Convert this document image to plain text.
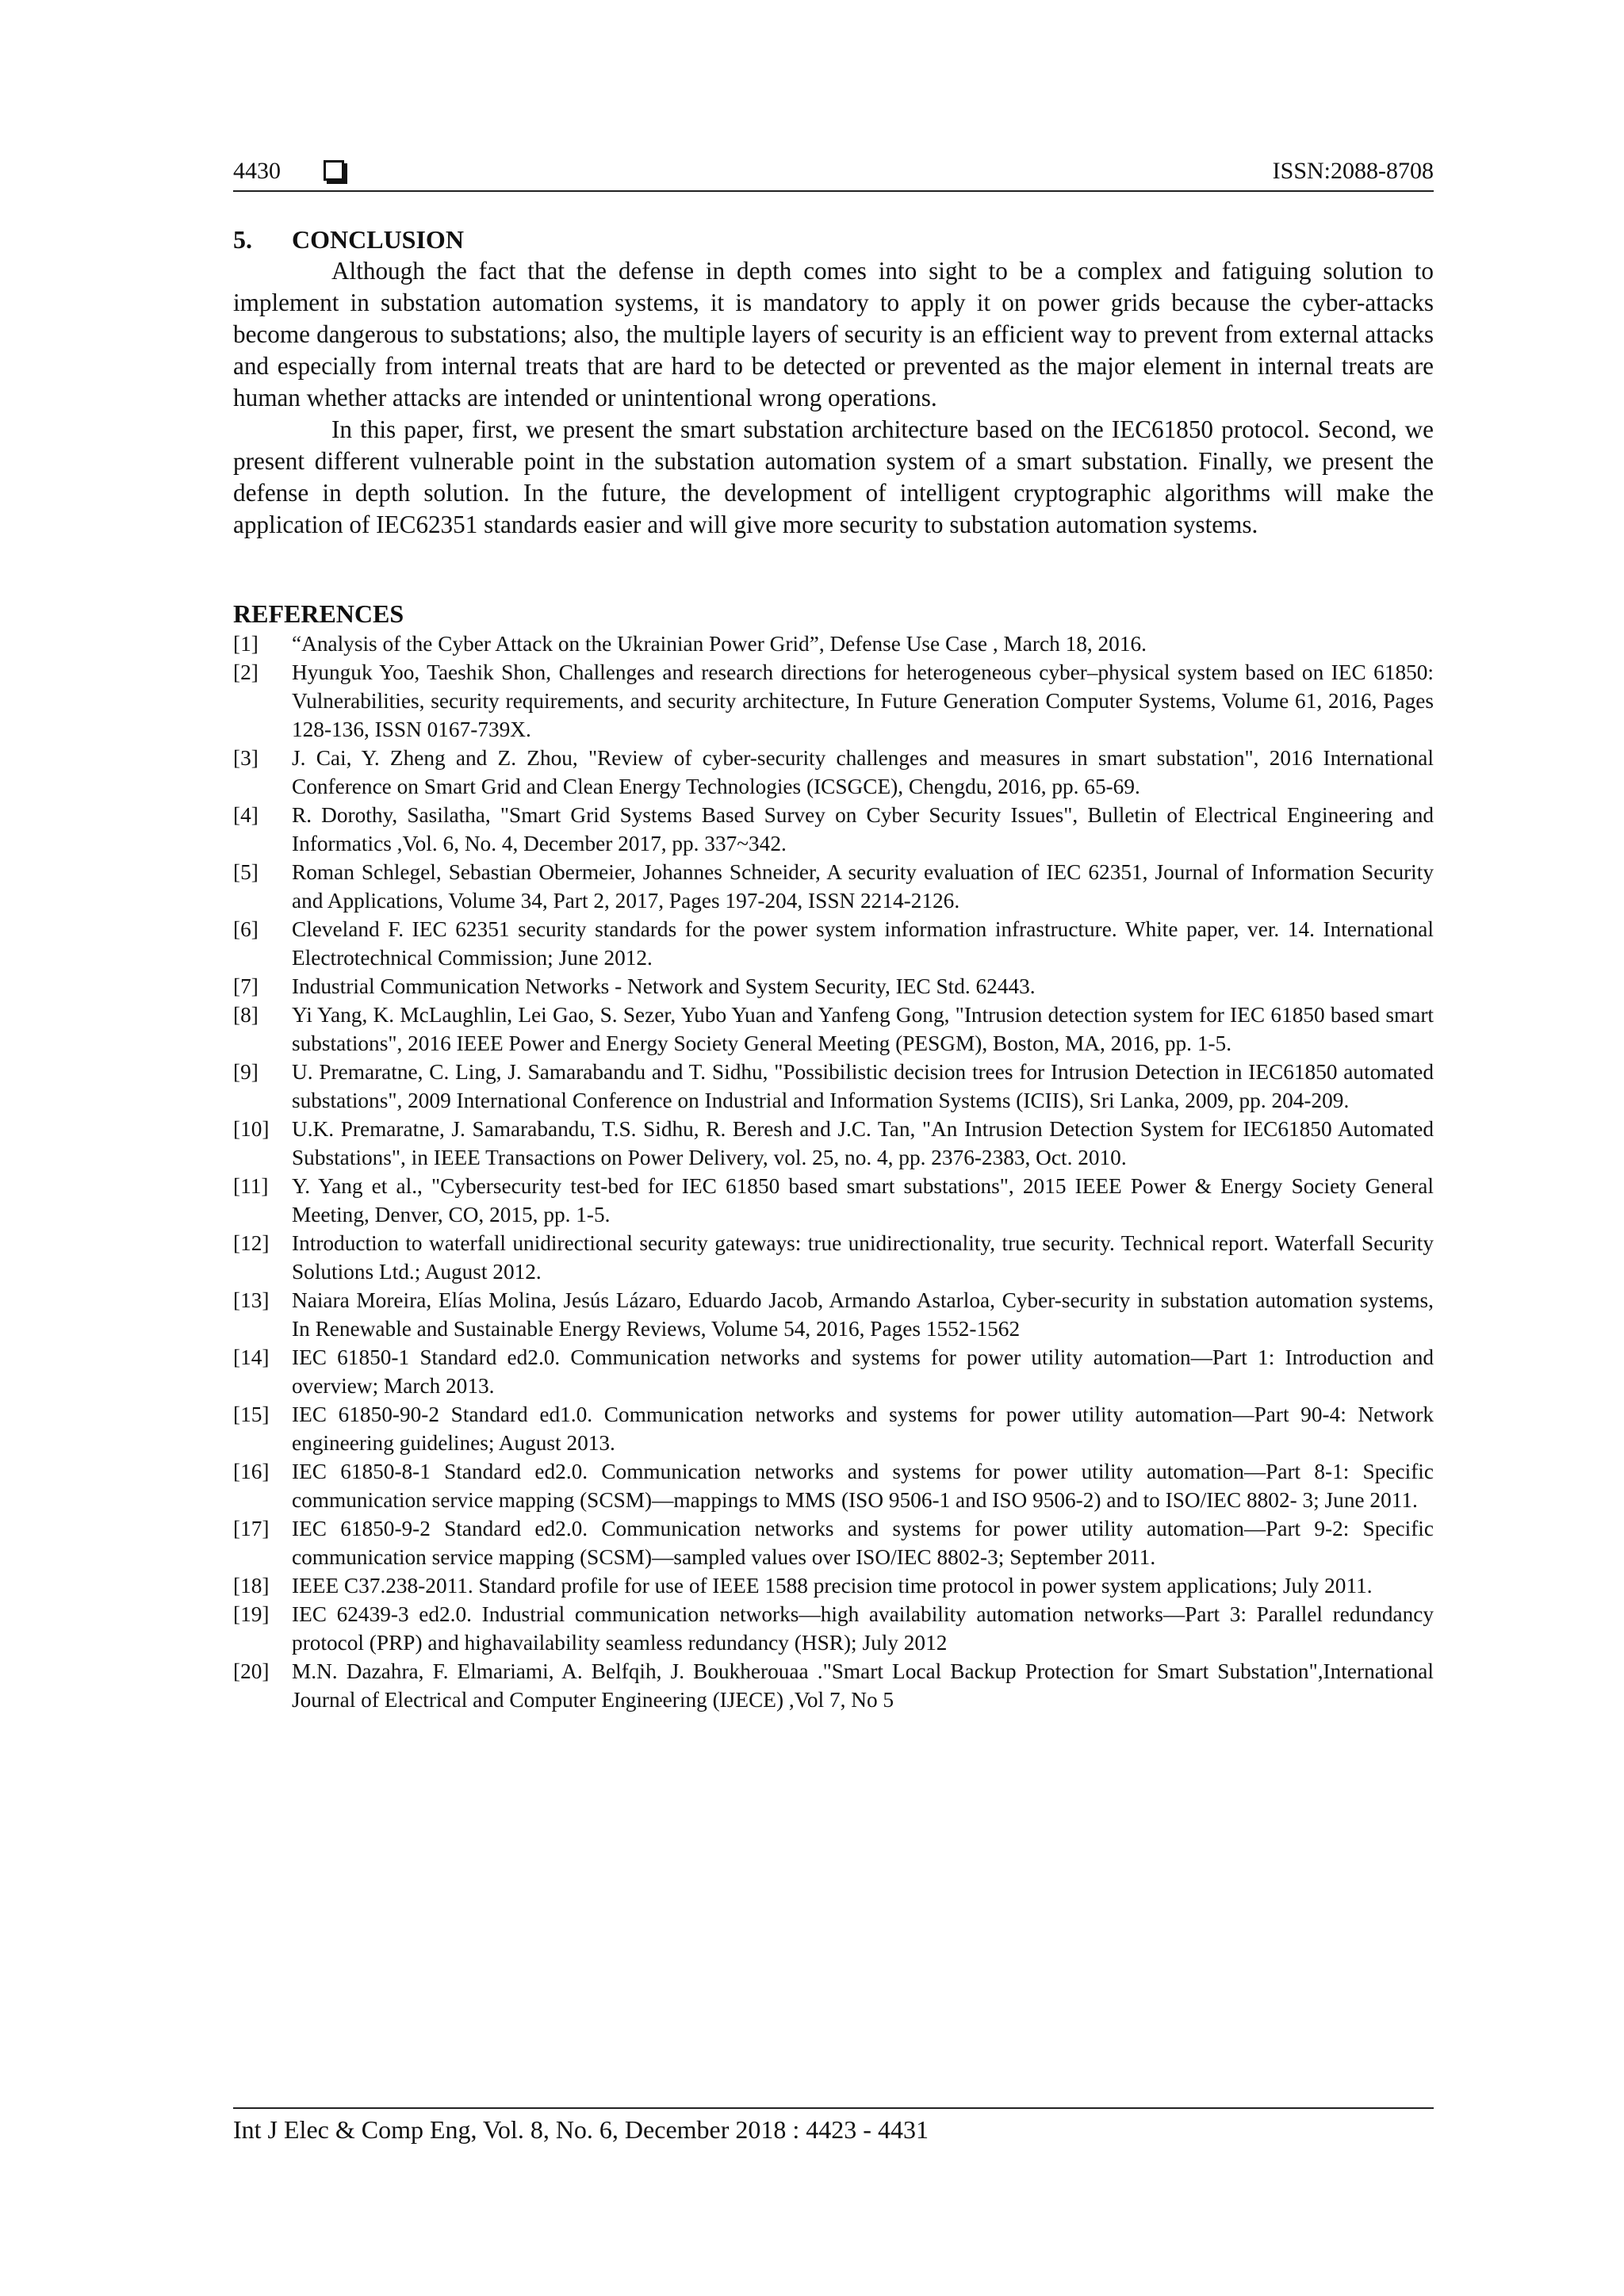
4430	ISSN:2088-8708
5. CONCLUSION

Although the fact that the defense in depth comes into sight to be a complex and fatiguing solution to implement in substation automation systems, it is mandatory to apply it on power grids because the cyber-attacks become dangerous to substations; also, the multiple layers of security is an efficient way to prevent from external attacks and especially from internal treats that are hard to be detected or prevented as the major element in internal treats are human whether attacks are intended or unintentional wrong operations.

In this paper, first, we present the smart substation architecture based on the IEC61850 protocol. Second, we present different vulnerable point in the substation automation system of a smart substation. Finally, we present the defense in depth solution. In the future, the development of intelligent cryptographic algorithms will make the application of IEC62351 standards easier and will give more security to substation automation systems.

REFERENCES
[1]	“Analysis of the Cyber Attack on the Ukrainian Power Grid”, Defense Use Case , March 18, 2016.
[2]	Hyunguk Yoo, Taeshik Shon, Challenges and research directions for heterogeneous cyber–physical system based on IEC 61850: Vulnerabilities, security requirements, and security architecture, In Future Generation Computer Systems, Volume 61, 2016, Pages 128-136, ISSN 0167-739X.
[3]	J. Cai, Y. Zheng and Z. Zhou, "Review of cyber-security challenges and measures in smart substation", 2016 International Conference on Smart Grid and Clean Energy Technologies (ICSGCE), Chengdu, 2016, pp. 65-69.
[4]	R. Dorothy, Sasilatha, "Smart Grid Systems Based Survey on Cyber Security Issues", Bulletin of Electrical Engineering and Informatics ,Vol. 6, No. 4, December 2017, pp. 337~342.
[5]	Roman Schlegel, Sebastian Obermeier, Johannes Schneider, A security evaluation of IEC 62351, Journal of Information Security and Applications, Volume 34, Part 2, 2017, Pages 197-204, ISSN 2214-2126.
[6]	Cleveland F. IEC 62351 security standards for the power system information infrastructure. White paper, ver. 14. International Electrotechnical Commission; June 2012.
[7]	Industrial Communication Networks - Network and System Security, IEC Std. 62443.
[8]	Yi Yang, K. McLaughlin, Lei Gao, S. Sezer, Yubo Yuan and Yanfeng Gong, "Intrusion detection system for IEC 61850 based smart substations", 2016 IEEE Power and Energy Society General Meeting (PESGM), Boston, MA, 2016, pp. 1-5.
[9]	U. Premaratne, C. Ling, J. Samarabandu and T. Sidhu, "Possibilistic decision trees for Intrusion Detection in IEC61850 automated substations", 2009 International Conference on Industrial and Information Systems (ICIIS), Sri Lanka, 2009, pp. 204-209.
[10]	U.K. Premaratne, J. Samarabandu, T.S. Sidhu, R. Beresh and J.C. Tan, "An Intrusion Detection System for IEC61850 Automated Substations", in IEEE Transactions on Power Delivery, vol. 25, no. 4, pp. 2376-2383, Oct. 2010.
[11]	Y. Yang et al., "Cybersecurity test-bed for IEC 61850 based smart substations", 2015 IEEE Power & Energy Society General Meeting, Denver, CO, 2015, pp. 1-5.
[12]	Introduction to waterfall unidirectional security gateways: true unidirectionality, true security. Technical report. Waterfall Security Solutions Ltd.; August 2012.
[13]	Naiara Moreira, Elías Molina, Jesús Lázaro, Eduardo Jacob, Armando Astarloa, Cyber-security in substation automation systems, In Renewable and Sustainable Energy Reviews, Volume 54, 2016, Pages 1552-1562
[14]	IEC 61850-1 Standard ed2.0. Communication networks and systems for power utility automation—Part 1: Introduction and overview; March 2013.
[15]	IEC 61850-90-2 Standard ed1.0. Communication networks and systems for power utility automation—Part 90-4: Network engineering guidelines; August 2013.
[16]	IEC 61850-8-1 Standard ed2.0. Communication networks and systems for power utility automation—Part 8-1: Specific communication service mapping (SCSM)—mappings to MMS (ISO 9506-1 and ISO 9506-2) and to ISO/IEC 8802- 3; June 2011.
[17]	IEC 61850-9-2 Standard ed2.0. Communication networks and systems for power utility automation—Part 9-2: Specific communication service mapping (SCSM)—sampled values over ISO/IEC 8802-3; September 2011.
[18]	IEEE C37.238-2011. Standard profile for use of IEEE 1588 precision time protocol in power system applications; July 2011.
[19]	IEC 62439-3 ed2.0. Industrial communication networks—high availability automation networks—Part 3: Parallel redundancy protocol (PRP) and highavailability seamless redundancy (HSR); July 2012
[20]	M.N. Dazahra, F. Elmariami, A. Belfqih, J. Boukherouaa ."Smart Local Backup Protection for Smart Substation",International Journal of Electrical and Computer Engineering (IJECE) ,Vol 7, No 5
Int J Elec & Comp Eng, Vol. 8, No. 6, December 2018 : 4423 - 4431
